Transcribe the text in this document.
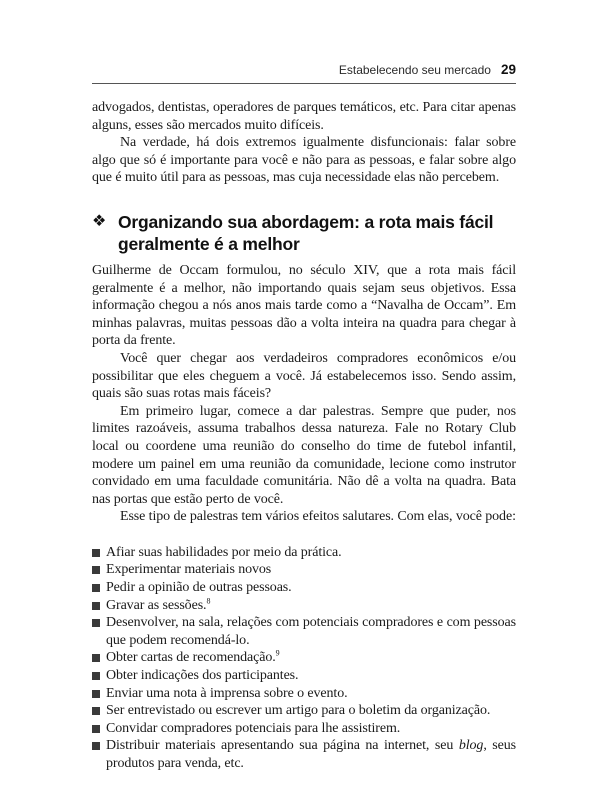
Estabelecendo seu mercado 29

advogados, dentistas, operadores de parques temáticos, etc. Para citar apenas alguns, esses são mercados muito difíceis.

Na verdade, há dois extremos igualmente disfuncionais: falar sobre algo que só é importante para você e não para as pessoas, e falar sobre algo que é muito útil para as pessoas, mas cuja necessidade elas não percebem.

❖ Organizando sua abordagem: a rota mais fácil geralmente é a melhor

Guilherme de Occam formulou, no século XIV, que a rota mais fácil geralmente é a melhor, não importando quais sejam seus objetivos. Essa informação chegou a nós anos mais tarde como a “Navalha de Occam”. Em minhas palavras, muitas pessoas dão a volta inteira na quadra para chegar à porta da frente.

Você quer chegar aos verdadeiros compradores econômicos e/ou possibilitar que eles cheguem a você. Já estabelecemos isso. Sendo assim, quais são suas rotas mais fáceis?

Em primeiro lugar, comece a dar palestras. Sempre que puder, nos limites razoáveis, assuma trabalhos dessa natureza. Fale no Rotary Club local ou coordene uma reunião do conselho do time de futebol infantil, modere um painel em uma reunião da comunidade, lecione como instrutor convidado em uma faculdade comunitária. Não dê a volta na quadra. Bata nas portas que estão perto de você.

Esse tipo de palestras tem vários efeitos salutares. Com elas, você pode:

Afiar suas habilidades por meio da prática.
Experimentar materiais novos
Pedir a opinião de outras pessoas.
Gravar as sessões.$^8$
Desenvolver, na sala, relações com potenciais compradores e com pessoas que podem recomendá-lo.
Obter cartas de recomendação.$^9$
Obter indicações dos participantes.
Enviar uma nota à imprensa sobre o evento.
Ser entrevistado ou escrever um artigo para o boletim da organização.
Convidar compradores potenciais para lhe assistirem.
Distribuir materiais apresentando sua página na internet, seu blog, seus produtos para venda, etc.
